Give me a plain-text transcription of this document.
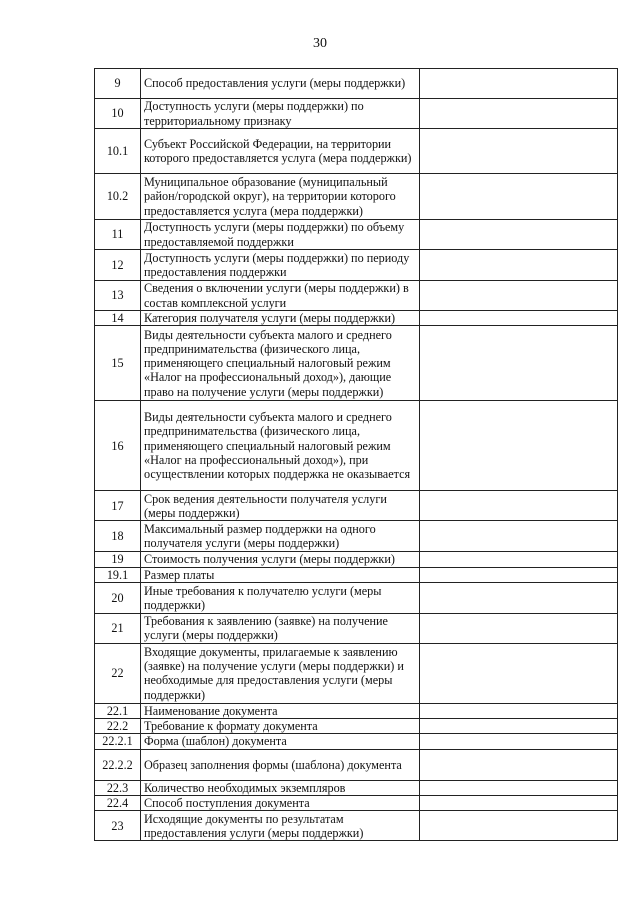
30
9	Способ предоставления услуги (меры поддержки)	
10	Доступность услуги (меры поддержки) по территориальному признаку	
10.1	Субъект Российской Федерации, на территории которого предоставляется услуга (мера поддержки)	
10.2	Муниципальное образование (муниципальный район/городской округ), на территории которого предоставляется услуга (мера поддержки)	
11	Доступность услуги (меры поддержки) по объему предоставляемой поддержки	
12	Доступность услуги (меры поддержки) по периоду предоставления поддержки	
13	Сведения о включении услуги (меры поддержки) в состав комплексной услуги	
14	Категория получателя услуги (меры поддержки)	
15	Виды деятельности субъекта малого и среднего предпринимательства (физического лица, применяющего специальный налоговый режим «Налог на профессиональный доход»), дающие право на получение услуги (меры поддержки)	
16	Виды деятельности субъекта малого и среднего предпринимательства (физического лица, применяющего специальный налоговый режим «Налог на профессиональный доход»), при осуществлении которых поддержка не оказывается	
17	Срок ведения деятельности получателя услуги (меры поддержки)	
18	Максимальный размер поддержки на одного получателя услуги (меры поддержки)	
19	Стоимость получения услуги (меры поддержки)	
19.1	Размер платы	
20	Иные требования к получателю услуги (меры поддержки)	
21	Требования к заявлению (заявке) на получение услуги (меры поддержки)	
22	Входящие документы, прилагаемые к заявлению (заявке) на получение услуги (меры поддержки) и необходимые для предоставления услуги (меры поддержки)	
22.1	Наименование документа	
22.2	Требование к формату документа	
22.2.1	Форма (шаблон) документа	
22.2.2	Образец заполнения формы (шаблона) документа	
22.3	Количество необходимых экземпляров	
22.4	Способ поступления документа	
23	Исходящие документы по результатам предоставления услуги (меры поддержки)	
